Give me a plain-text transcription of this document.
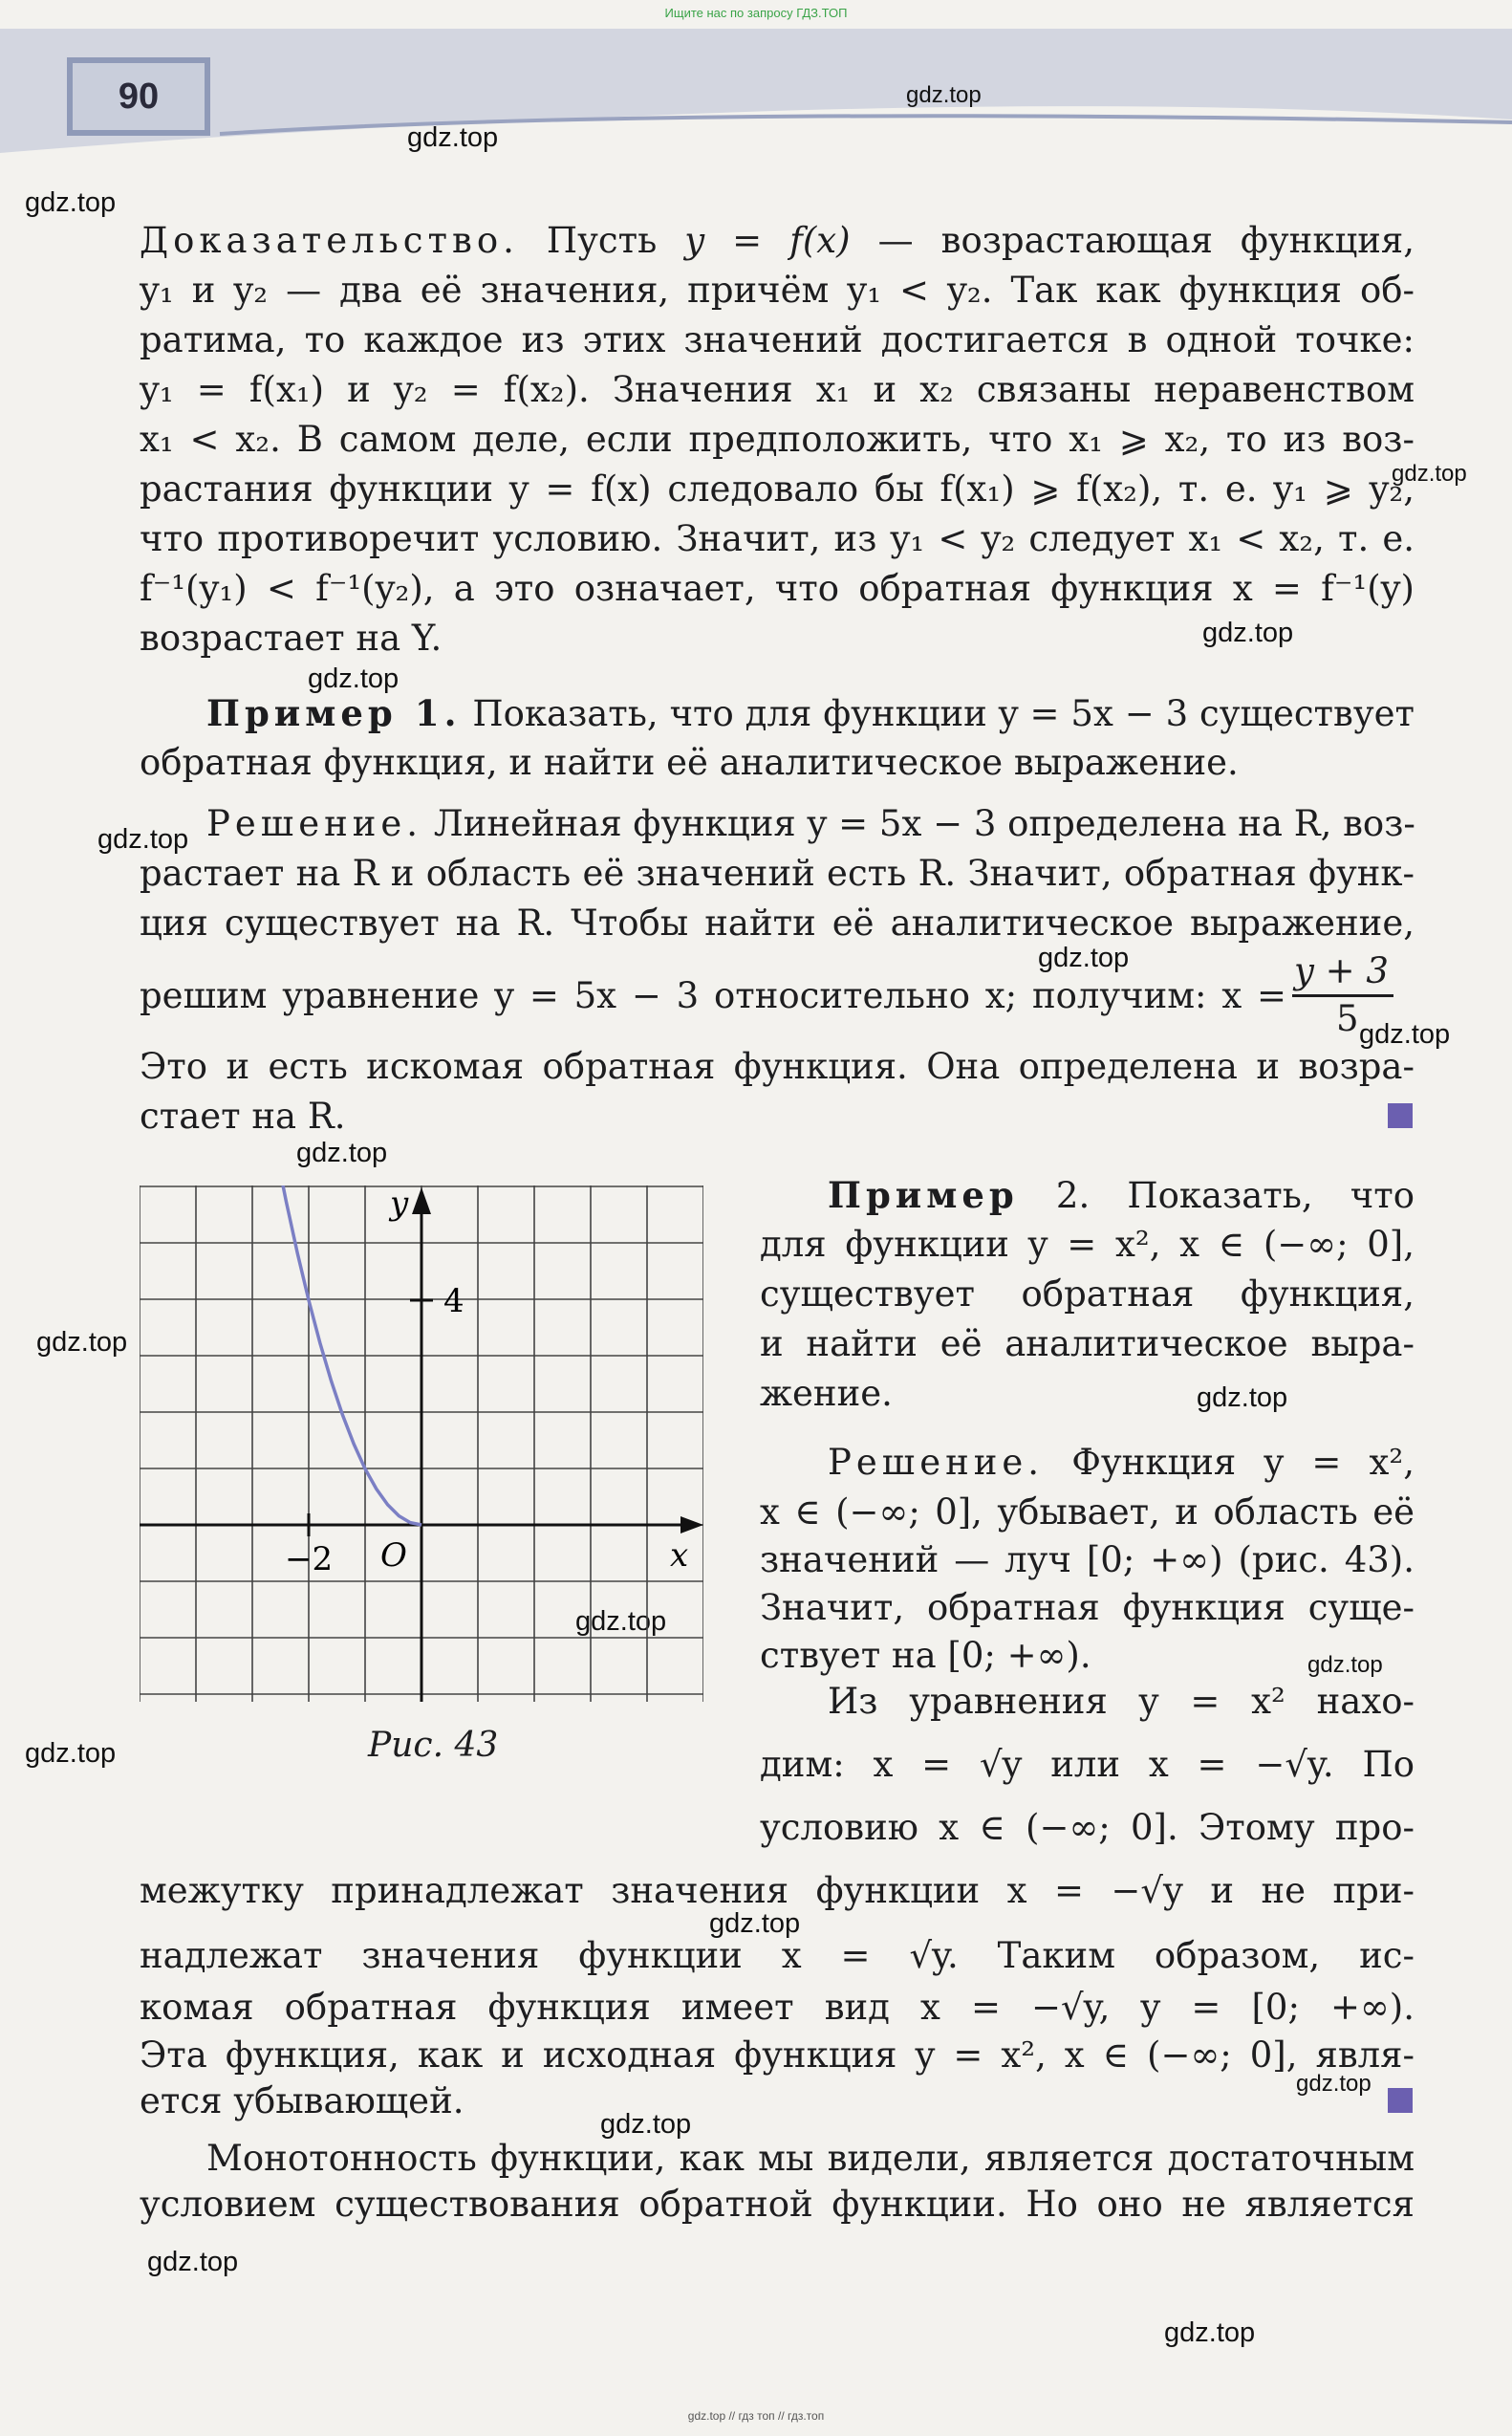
Ищите нас по запросу ГДЗ.ТОП
90	gdz.top
gdz.top
gdz.top
gdz.top
gdz.top
gdz.top
gdz.top
gdz.top
gdz.top
gdz.top
gdz.top
gdz.top
gdz.top
gdz.top
gdz.top
gdz.top
gdz.top
gdz.top
gdz.top
gdz.top
Доказательство. Пусть y = f(x) — возрастающая функция,
y₁ и y₂ — два её значения, причём y₁ < y₂. Так как функция об-
ратима, то каждое из этих значений достигается в одной точке:
y₁ = f(x₁) и y₂ = f(x₂). Значения x₁ и x₂ связаны неравенством
x₁ < x₂. В самом деле, если предположить, что x₁ ⩾ x₂, то из воз-
растания функции y = f(x) следовало бы f(x₁) ⩾ f(x₂), т. е. y₁ ⩾ y₂,
что противоречит условию. Значит, из y₁ < y₂ следует x₁ < x₂, т. е.
f⁻¹(y₁) < f⁻¹(y₂), а это означает, что обратная функция x = f⁻¹(y)
возрастает на Y.
Пример 1. Показать, что для функции y = 5x − 3 существует
обратная функция, и найти её аналитическое выражение.
Решение. Линейная функция y = 5x − 3 определена на R, воз-
растает на R и область её значений есть R. Значит, обратная функ-
ция существует на R. Чтобы найти её аналитическое выражение,
решим уравнение y = 5x − 3 относительно x; получим: x =
y + 3
5
Это и есть искомая обратная функция. Она определена и возра-
стает на R.
y
x
O
4
−2
Рис. 43
Пример 2. Показать, что
для функции y = x², x ∈ (−∞; 0],
существует обратная функция,
и найти её аналитическое выра-
жение.
Решение. Функция y = x²,
x ∈ (−∞; 0], убывает, и область её
значений — луч [0; +∞) (рис. 43).
Значит, обратная функция суще-
ствует на [0; +∞).
Из уравнения y = x² нахо-
дим: x = √y или x = −√y. По
условию x ∈ (−∞; 0]. Этому про-
межутку принадлежат значения функции x = −√y и не при-
надлежат значения функции x = √y. Таким образом, ис-
комая обратная функция имеет вид x = −√y, y = [0; +∞).
Эта функция, как и исходная функция y = x², x ∈ (−∞; 0], явля-
ется убывающей.
Монотонность функции, как мы видели, является достаточным
условием существования обратной функции. Но оно не является
gdz.top // гдз топ // гдз.топ
